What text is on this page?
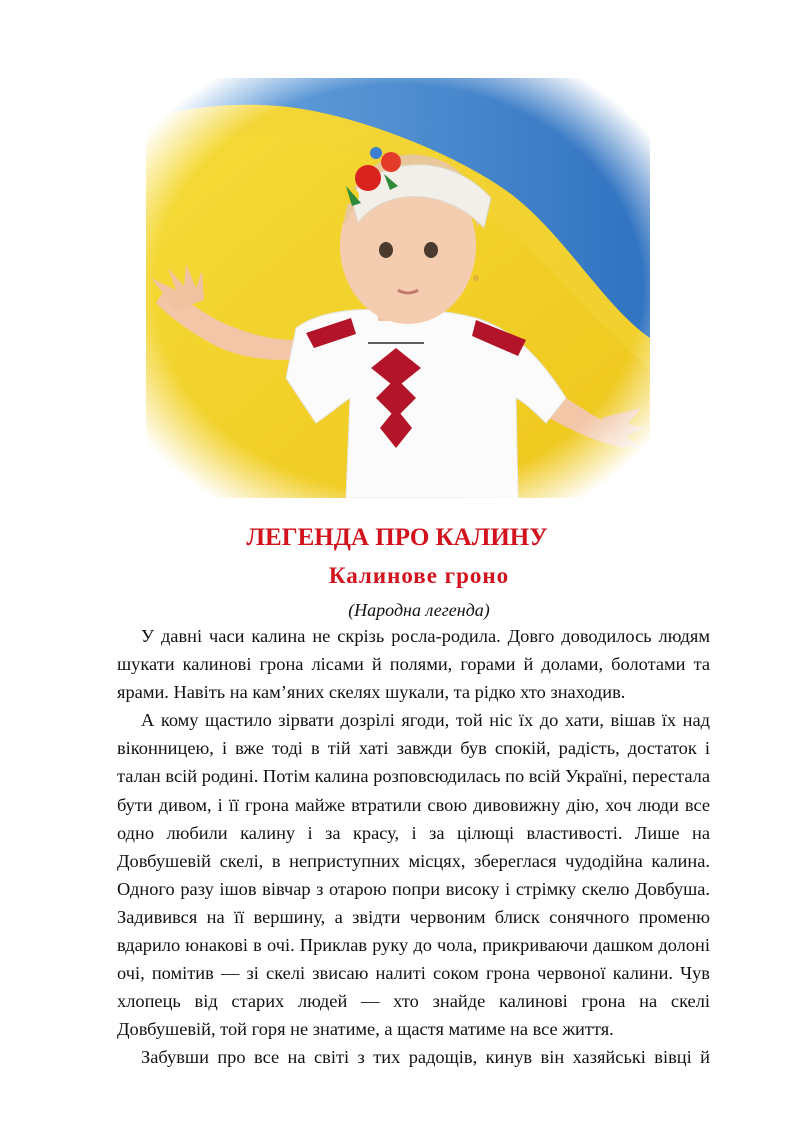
ЛЕГЕНДА ПРО КАЛИНУ
Калинове гроно

(Народна легенда)

У давні часи калина не скрізь росла-родила. Довго доводилось людям шукати калинові грона лісами й полями, горами й долами, болотами та ярами. Навіть на кам’яних скелях шукали, та рідко хто знаходив.

А кому щастило зірвати дозрілі ягоди, той ніс їх до хати, вішав їх над віконницею, і вже тоді в тій хаті завжди був спокій, радість, достаток і талан всій родині. Потім калина розповсюдилась по всій Україні, перестала бути дивом, і її грона майже втратили свою дивовижну дію, хоч люди все одно любили калину і за красу, і за цілющі властивості. Лише на Довбушевій скелі, в неприступних місцях, збереглася чудодійна калина. Одного разу ішов вівчар з отарою попри високу і стрімку скелю Довбуша. Задивився на її вершину, а звідти червоним блиск сонячного променю вдарило юнакові в очі. Приклав руку до чола, прикриваючи дашком долоні очі, помітив — зі скелі звисаю налиті соком грона червоної калини. Чув хлопець від старих людей — хто знайде калинові грона на скелі Довбушевій, той горя не знатиме, а щастя матиме на все життя.

Забувши про все на світі з тих радощів, кинув він хазяйські вівці й
